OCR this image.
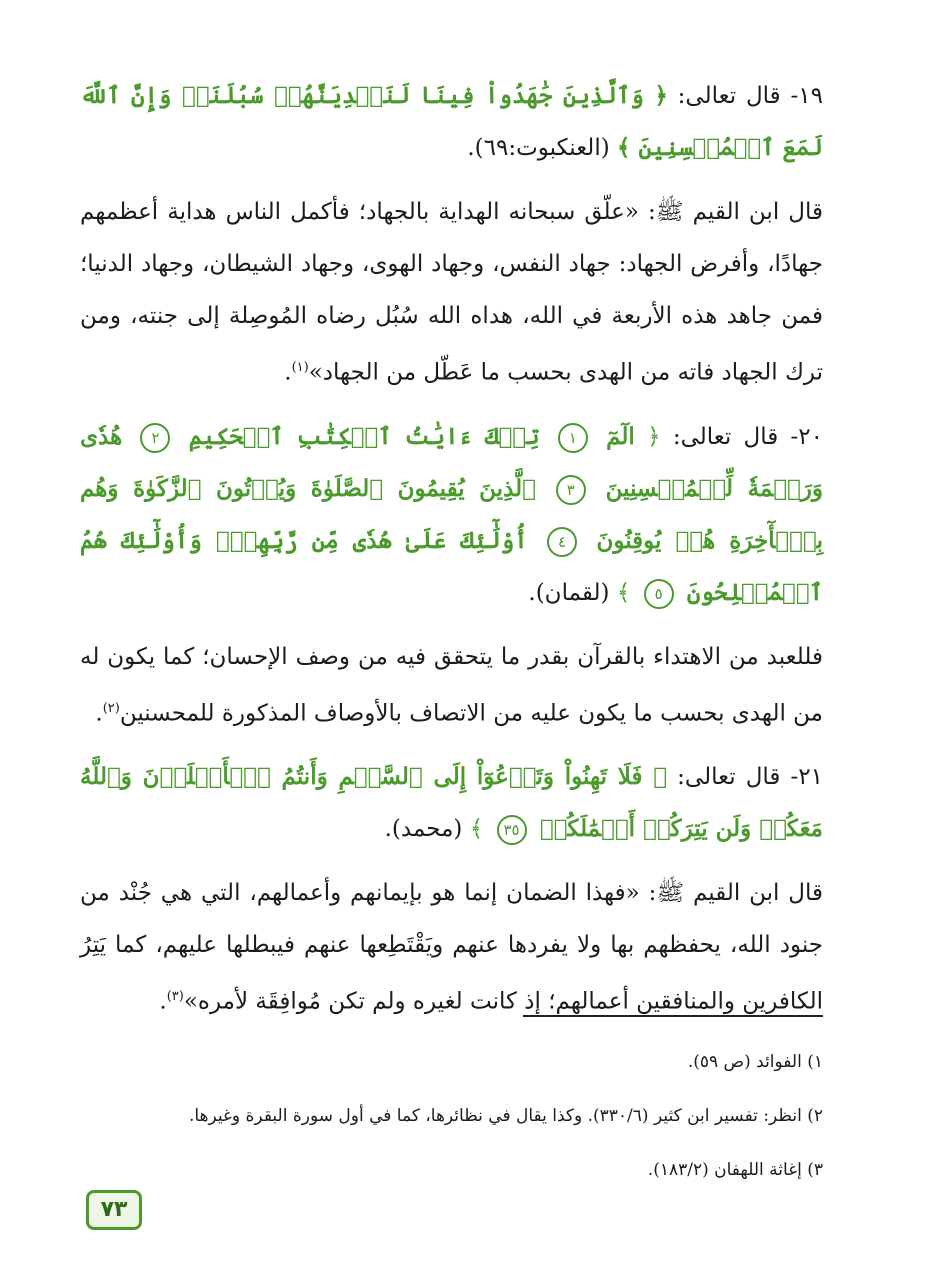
١٩- قال تعالى: ﴿ وَٱلَّذِينَ جَٰهَدُواْ فِينَا لَنَهۡدِيَنَّهُمۡ سُبُلَنَاۚ وَإِنَّ ٱللَّهَ لَمَعَ ٱلۡمُحۡسِنِينَ ﴾ (العنكبوت:٦٩).

قال ابن القيم ﷺ: «علّق سبحانه الهداية بالجهاد؛ فأكمل الناس هداية أعظمهم جهادًا، وأفرض الجهاد: جهاد النفس، وجهاد الهوى، وجهاد الشيطان، وجهاد الدنيا؛ فمن جاهد هذه الأربعة في الله، هداه الله سُبُل رضاه المُوصِلة إلى جنته، ومن ترك الجهاد فاته من الهدى بحسب ما عَطّل من الجهاد»$^{(١)}$.

٢٠- قال تعالى: ﴿ الٓمٓ ١ تِلۡكَ ءَايَٰتُ ٱلۡكِتَٰبِ ٱلۡحَكِيمِ ٢ هُدٗى وَرَحۡمَةٗ لِّلۡمُحۡسِنِينَ ٣ ٱلَّذِينَ يُقِيمُونَ ٱلصَّلَوٰةَ وَيُؤۡتُونَ ٱلزَّكَوٰةَ وَهُم بِٱلۡأٓخِرَةِ هُمۡ يُوقِنُونَ ٤ أُوْلَٰٓئِكَ عَلَىٰ هُدٗى مِّن رَّبِّهِمۡۖ وَأُوْلَٰٓئِكَ هُمُ ٱلۡمُفۡلِحُونَ ٥ ﴾ (لقمان).

فللعبد من الاهتداء بالقرآن بقدر ما يتحقق فيه من وصف الإحسان؛ كما يكون له من الهدى بحسب ما يكون عليه من الاتصاف بالأوصاف المذكورة للمحسنين$^{(٢)}$.

٢١- قال تعالى: ﴿ فَلَا تَهِنُواْ وَتَدۡعُوٓاْ إِلَى ٱلسَّلۡمِ وَأَنتُمُ ٱلۡأَعۡلَوۡنَ وَٱللَّهُ مَعَكُمۡ وَلَن يَتِرَكُمۡ أَعۡمَٰلَكُمۡ ٣٥ ﴾ (محمد).

قال ابن القيم ﷺ: «فهذا الضمان إنما هو بإيمانهم وأعمالهم، التي هي جُنْد من جنود الله، يحفظهم بها ولا يفردها عنهم ويَقْتَطِعها عنهم فيبطلها عليهم، كما يَتِرُ الكافرين والمنافقين أعمالهم؛ إذ كانت لغيره ولم تكن مُوافِقَة لأمره»$^{(٣)}$.

١) الفوائد (ص ٥٩).

٢) انظر: تفسير ابن كثير (٣٣٠/٦). وكذا يقال في نظائرها، كما في أول سورة البقرة وغيرها.

٣) إغاثة اللهفان (١٨٣/٢).

٧٣
